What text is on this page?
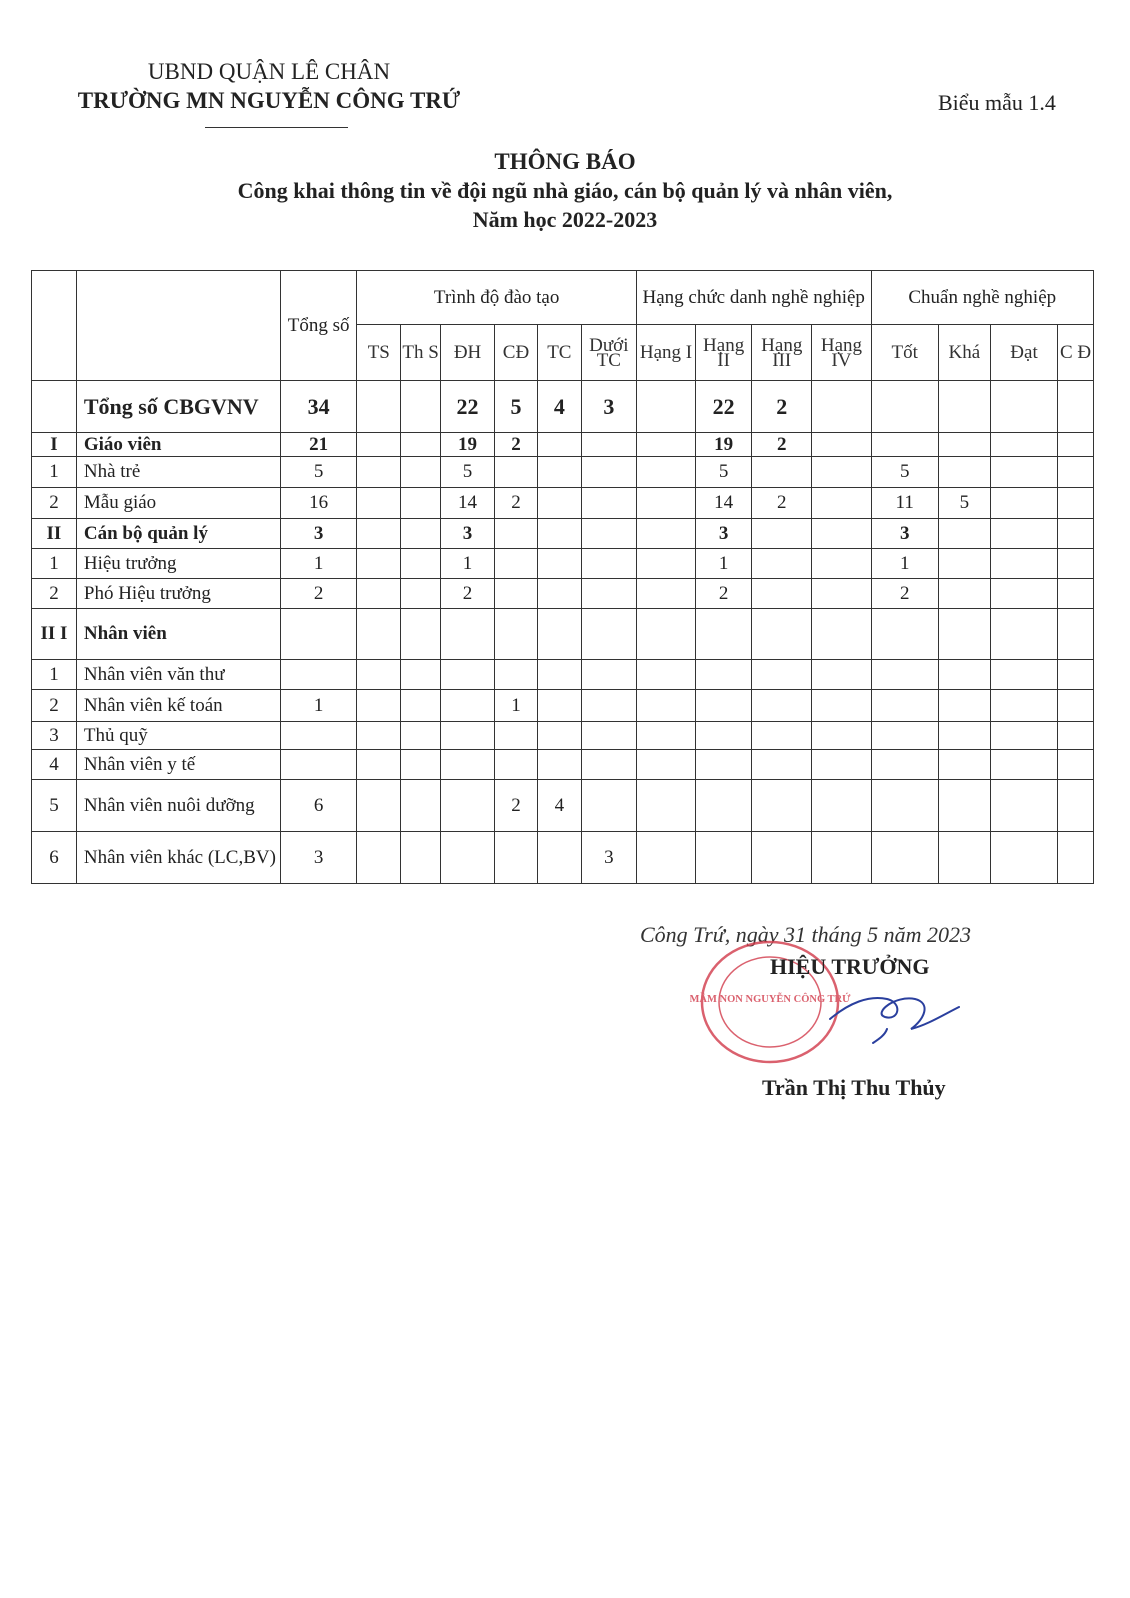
UBND QUẬN LÊ CHÂN
TRƯỜNG MN NGUYỄN CÔNG TRỨ	Biểu mẫu 1.4
THÔNG BÁO
Công khai thông tin về đội ngũ nhà giáo, cán bộ quản lý và nhân viên,
Năm học 2022-2023
		Tổng số	Trình độ đào tạo						Hạng chức danh nghề nghiệp				Chuẩn nghề nghiệp			
			TS	Th S	ĐH	CĐ	TC	Dưới TC	Hạng I	Hạng II	Hạng III	Hạng IV	Tốt	Khá	Đạt	C Đ
	Tổng số CBGVNV	34			22	5	4	3		22	2					
I	Giáo viên	21			19	2				19	2					
1	Nhà trẻ	5			5					5			5			
2	Mẫu giáo	16			14	2				14	2		11	5		
II	Cán bộ quản lý	3			3					3			3			
1	Hiệu trưởng	1			1					1			1			
2	Phó Hiệu trưởng	2			2					2			2			
II I	Nhân viên															
1	Nhân viên văn thư															
2	Nhân viên kế toán	1				1										
3	Thủ quỹ															
4	Nhân viên y tế															
5	Nhân viên nuôi dưỡng	6				2	4									
6	Nhân viên khác (LC,BV)	3						3								
Công Trứ, ngày 31 tháng 5 năm 2023
MẦM NON NGUYỄN CÔNG TRỨ
HIỆU TRƯỞNG
Trần Thị Thu Thủy
